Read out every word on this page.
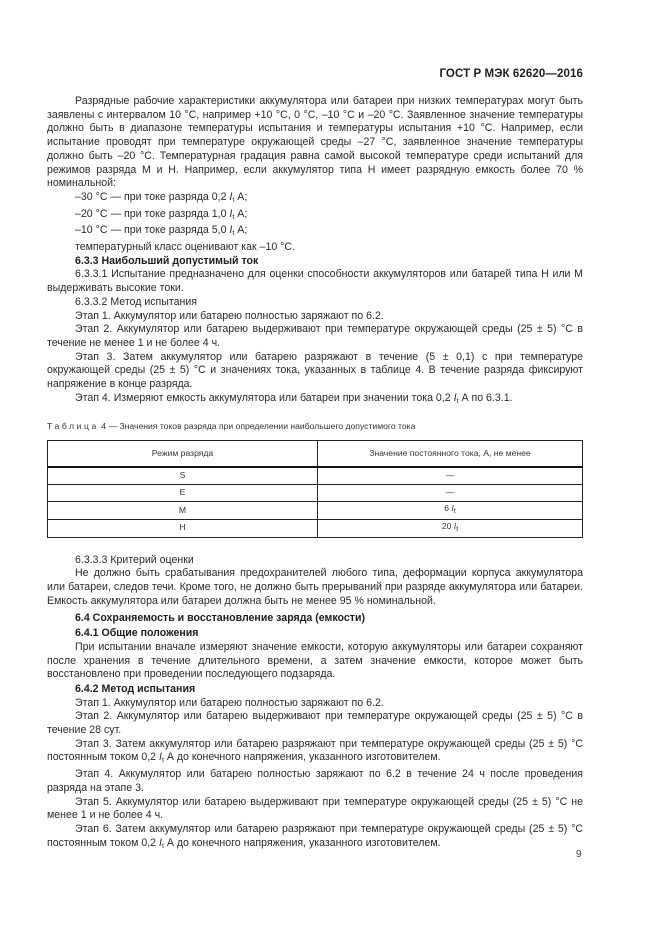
ГОСТ Р МЭК 62620—2016

Разрядные рабочие характеристики аккумулятора или батареи при низких температурах могут быть заявлены с интервалом 10 °С, например +10 °С, 0 °С, –10 °С и –20 °С. Заявленное значение температуры должно быть в диапазоне температуры испытания и температуры испытания +10 °С. Например, если испытание проводят при температуре окружающей среды –27 °С, заявленное значение температуры должно быть –20 °С. Температурная градация равна самой высокой температуре среди испытаний для режимов разряда М и Н. Например, если аккумулятор типа Н имеет разрядную емкость более 70 % номинальной:

–30 °С — при токе разряда 0,2 $I_t$ А;

–20 °С — при токе разряда 1,0 $I_t$ А;

–10 °С — при токе разряда 5,0 $I_t$ А;

температурный класс оценивают как –10 °С.

6.3.3 Наибольший допустимый ток

6.3.3.1 Испытание предназначено для оценки способности аккумуляторов или батарей типа Н или М выдерживать высокие токи.

6.3.3.2 Метод испытания

Этап 1. Аккумулятор или батарею полностью заряжают по 6.2.

Этап 2. Аккумулятор или батарею выдерживают при температуре окружающей среды (25 ± 5) °С в течение не менее 1 и не более 4 ч.

Этап 3. Затем аккумулятор или батарею разряжают в течение (5 ± 0,1) с при температуре окружающей среды (25 ± 5) °С и значениях тока, указанных в таблице 4. В течение разряда фиксируют напряжение в конце разряда.

Этап 4. Измеряют емкость аккумулятора или батареи при значении тока 0,2 $I_t$ А по 6.3.1.

Таблица 4 — Значения токов разряда при определении наибольшего допустимого тока
Режим разряда	Значение постоянного тока, А, не менее
S	—
E	—
M	6 $I_t$
H	20 $I_t$

6.3.3.3 Критерий оценки

Не должно быть срабатывания предохранителей любого типа, деформации корпуса аккумулятора или батареи, следов течи. Кроме того, не должно быть прерываний при разряде аккумулятора или батареи. Емкость аккумулятора или батареи должна быть не менее 95 % номинальной.

6.4 Сохраняемость и восстановление заряда (емкости)

6.4.1 Общие положения

При испытании вначале измеряют значение емкости, которую аккумуляторы или батареи сохраняют после хранения в течение длительного времени, а затем значение емкости, которое может быть восстановлено при проведении последующего подзаряда.

6.4.2 Метод испытания

Этап 1. Аккумулятор или батарею полностью заряжают по 6.2.

Этап 2. Аккумулятор или батарею выдерживают при температуре окружающей среды (25 ± 5) °С в течение 28 сут.

Этап 3. Затем аккумулятор или батарею разряжают при температуре окружающей среды (25 ± 5) °С постоянным током 0,2 $I_t$ А до конечного напряжения, указанного изготовителем.

Этап 4. Аккумулятор или батарею полностью заряжают по 6.2 в течение 24 ч после проведения разряда на этапе 3.

Этап 5. Аккумулятор или батарею выдерживают при температуре окружающей среды (25 ± 5) °С не менее 1 и не более 4 ч.

Этап 6. Затем аккумулятор или батарею разряжают при температуре окружающей среды (25 ± 5) °С постоянным током 0,2 $I_t$ А до конечного напряжения, указанного изготовителем.

9
